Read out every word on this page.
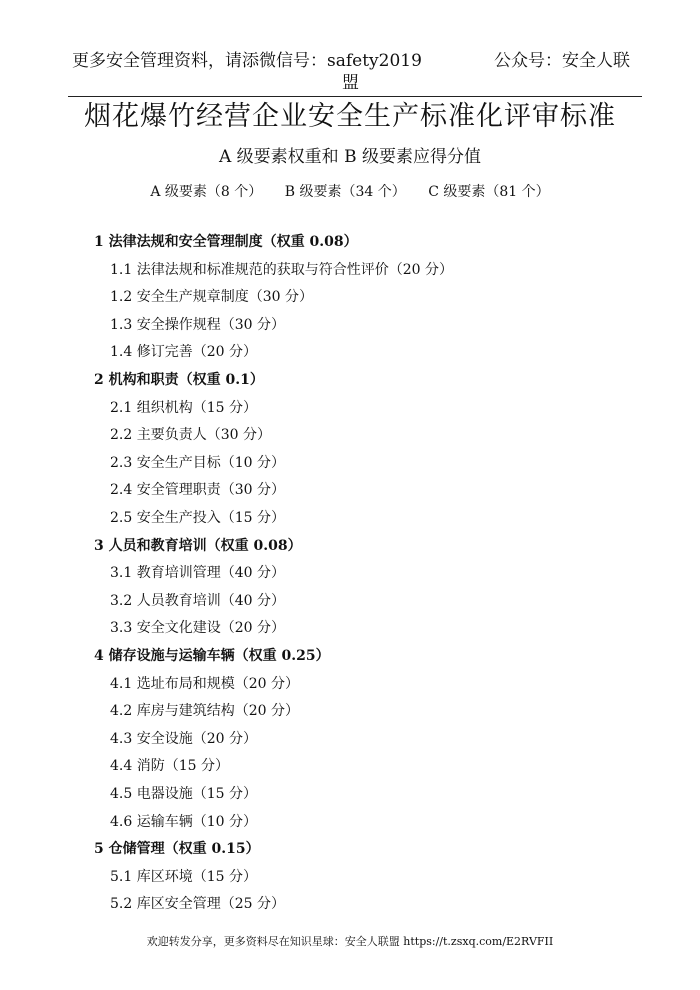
更多安全管理资料，请添微信号：safety2019
盟
公众号：安全人联
烟花爆竹经营企业安全生产标准化评审标准
A 级要素权重和 B 级要素应得分值
A 级要素（8 个） B 级要素（34 个） C 级要素（81 个）
1 法律法规和安全管理制度（权重 0.08）
1.1 法律法规和标准规范的获取与符合性评价（20 分）
1.2 安全生产规章制度（30 分）
1.3 安全操作规程（30 分）
1.4 修订完善（20 分）
2 机构和职责（权重 0.1）
2.1 组织机构（15 分）
2.2 主要负责人（30 分）
2.3 安全生产目标（10 分）
2.4 安全管理职责（30 分）
2.5 安全生产投入（15 分）
3 人员和教育培训（权重 0.08）
3.1 教育培训管理（40 分）
3.2 人员教育培训（40 分）
3.3 安全文化建设（20 分）
4 储存设施与运输车辆（权重 0.25）
4.1 选址布局和规模（20 分）
4.2 库房与建筑结构（20 分）
4.3 安全设施（20 分）
4.4 消防（15 分）
4.5 电器设施（15 分）
4.6 运输车辆（10 分）
5 仓储管理（权重 0.15）
5.1 库区环境（15 分）
5.2 库区安全管理（25 分）
欢迎转发分享，更多资料尽在知识星球：安全人联盟 https://t.zsxq.com/E2RVFII
